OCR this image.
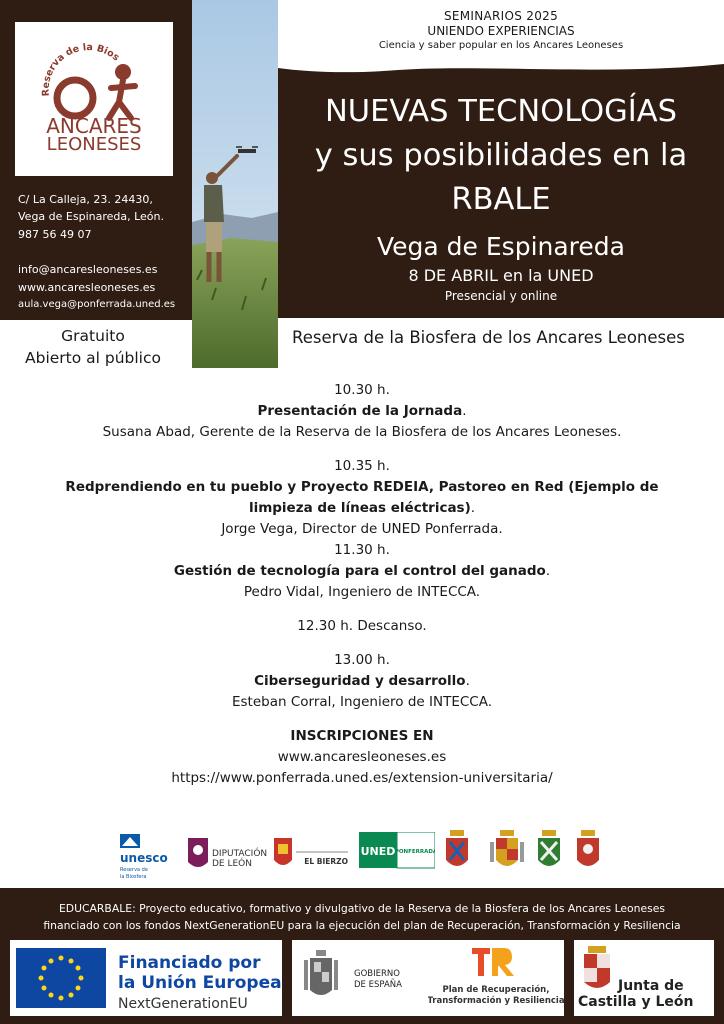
Reserva de la Bios
ANCARES
LEONESES
C/ La Calleja, 23. 24430,
Vega de Espinareda, León.
987 56 49 07
info@ancaresleoneses.es
www.ancaresleoneses.es
aula.vega@ponferrada.uned.es
SEMINARIOS 2025
UNIENDO EXPERIENCIAS
Ciencia y saber popular en los Ancares Leoneses
NUEVAS TECNOLOGÍAS
y sus posibilidades en la
RBALE
Vega de Espinareda
8 DE ABRIL en la UNED
Presencial y online
Gratuito
Abierto al público
Reserva de la Biosfera de los Ancares Leoneses
10.30 h.
Presentación de la Jornada.
Susana Abad, Gerente de la Reserva de la Biosfera de los Ancares Leoneses.
10.35 h.
Redprendiendo en tu pueblo y Proyecto REDEIA, Pastoreo en Red (Ejemplo de limpieza de líneas eléctricas).
Jorge Vega, Director de UNED Ponferrada.
11.30 h.
Gestión de tecnología para el control del ganado.
Pedro Vidal, Ingeniero de INTECCA.
12.30 h. Descanso.
13.00 h.
Ciberseguridad y desarrollo.
Esteban Corral, Ingeniero de INTECCA.
INSCRIPCIONES EN
www.ancaresleoneses.es
https://www.ponferrada.uned.es/extension-universitaria/
unesco
Reserva de
la Biosfera
DIPUTACIÓN
DE LEÓN	EL BIERZO
UNED PONFERRADA
EDUCARBALE: Proyecto educativo, formativo y divulgativo de la Reserva de la Biosfera de los Ancares Leoneses
financiado con los fondos NextGenerationEU para la ejecución del plan de Recuperación, Transformación y Resiliencia
Financiado por
la Unión Europea
NextGenerationEU
GOBIERNO
DE ESPAÑA	Plan de Recuperación,
Transformación y Resiliencia
Junta de
Castilla y León
